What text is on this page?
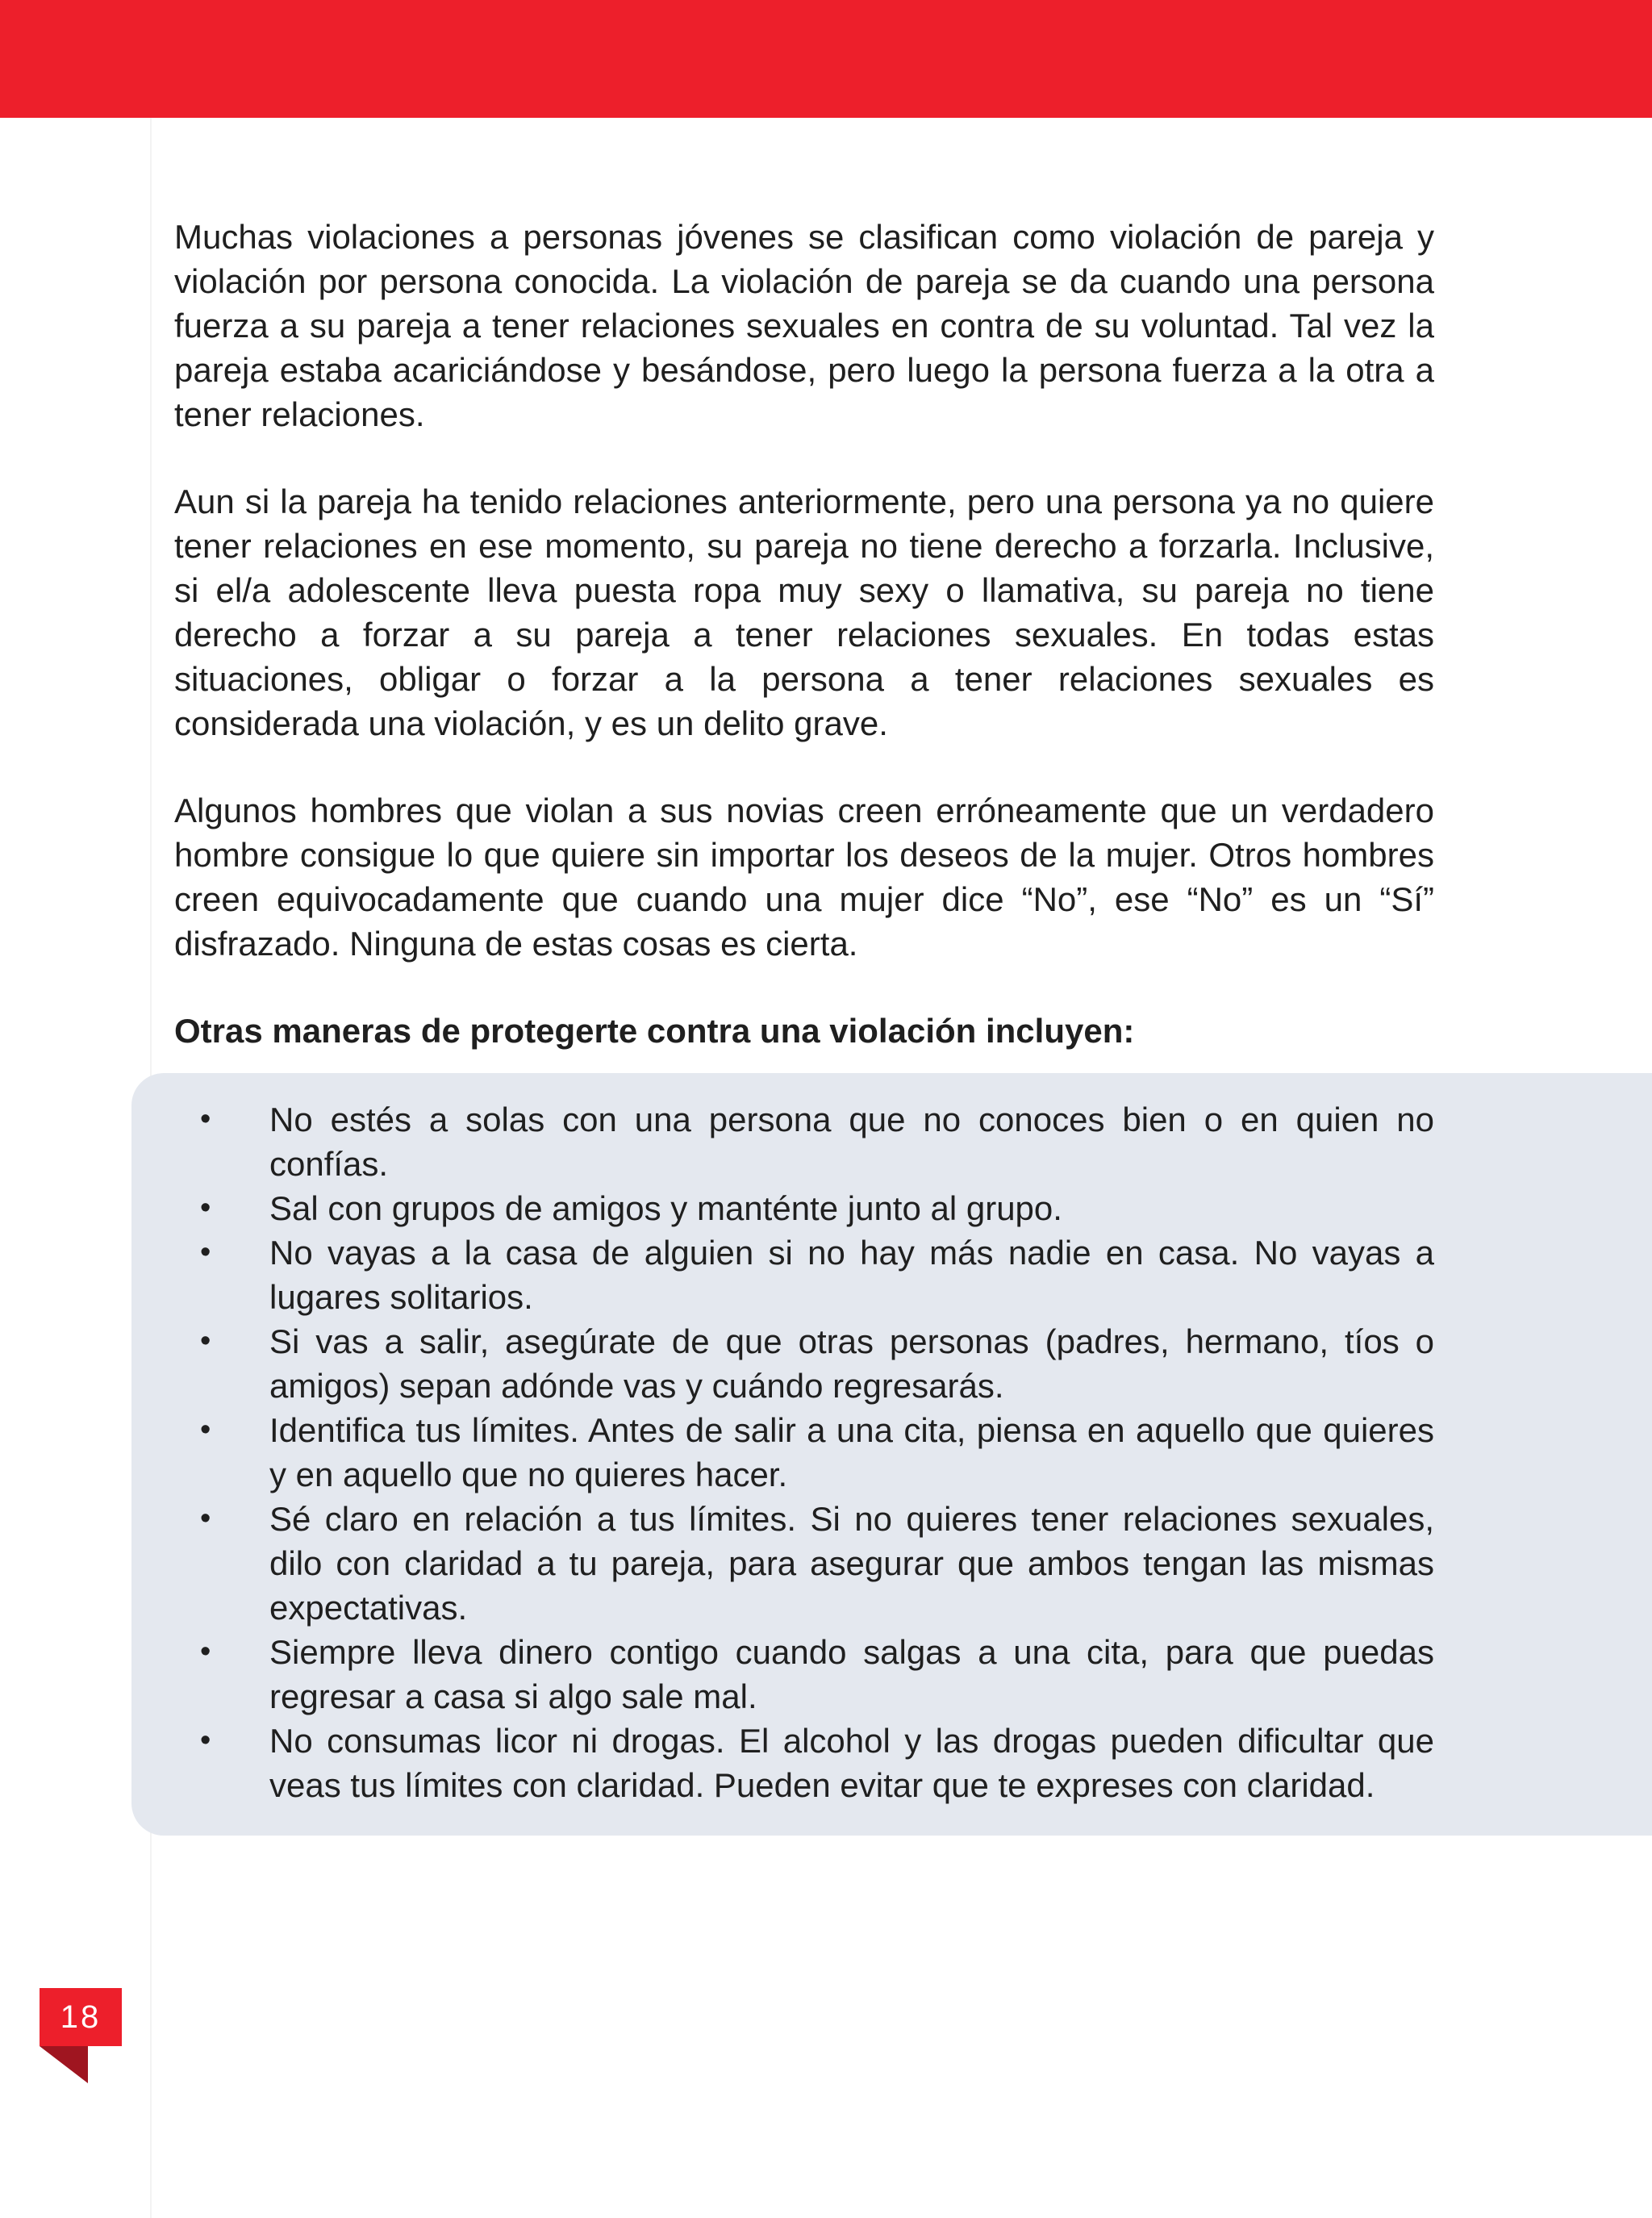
Muchas violaciones a personas jóvenes se clasifican como violación de pareja y violación por persona conocida. La violación de pareja se da cuando una persona fuerza a su pareja a tener relaciones sexuales en contra de su voluntad. Tal vez la pareja estaba acariciándose y besándose, pero luego la persona fuerza a la otra a tener relaciones.

Aun si la pareja ha tenido relaciones anteriormente, pero una persona ya no quiere tener relaciones en ese momento, su pareja no tiene derecho a forzarla. Inclusive, si el/a adolescente lleva puesta ropa muy sexy o llamativa, su pareja no tiene derecho a forzar a su pareja a tener relaciones sexuales. En todas estas situaciones, obligar o forzar a la persona a tener relaciones sexuales es considerada una violación, y es un delito grave.

Algunos hombres que violan a sus novias creen erróneamente que un verdadero hombre consigue lo que quiere sin importar los deseos de la mujer. Otros hombres creen equivocadamente que cuando una mujer dice “No”, ese “No” es un “Sí” disfrazado. Ninguna de estas cosas es cierta.

Otras maneras de protegerte contra una violación incluyen:

• No estés a solas con una persona que no conoces bien o en quien no confías.
• Sal con grupos de amigos y manténte junto al grupo.
• No vayas a la casa de alguien si no hay más nadie en casa. No vayas a lugares solitarios.
• Si vas a salir, asegúrate de que otras personas (padres, hermano, tíos o amigos) sepan adónde vas y cuándo regresarás.
• Identifica tus límites. Antes de salir a una cita, piensa en aquello que quieres y en aquello que no quieres hacer.
• Sé claro en relación a tus límites. Si no quieres tener relaciones sexuales, dilo con claridad a tu pareja, para asegurar que ambos tengan las mismas expectativas.
• Siempre lleva dinero contigo cuando salgas a una cita, para que puedas regresar a casa si algo sale mal.
• No consumas licor ni drogas. El alcohol y las drogas pueden dificultar que veas tus límites con claridad. Pueden evitar que te expreses con claridad.
18
